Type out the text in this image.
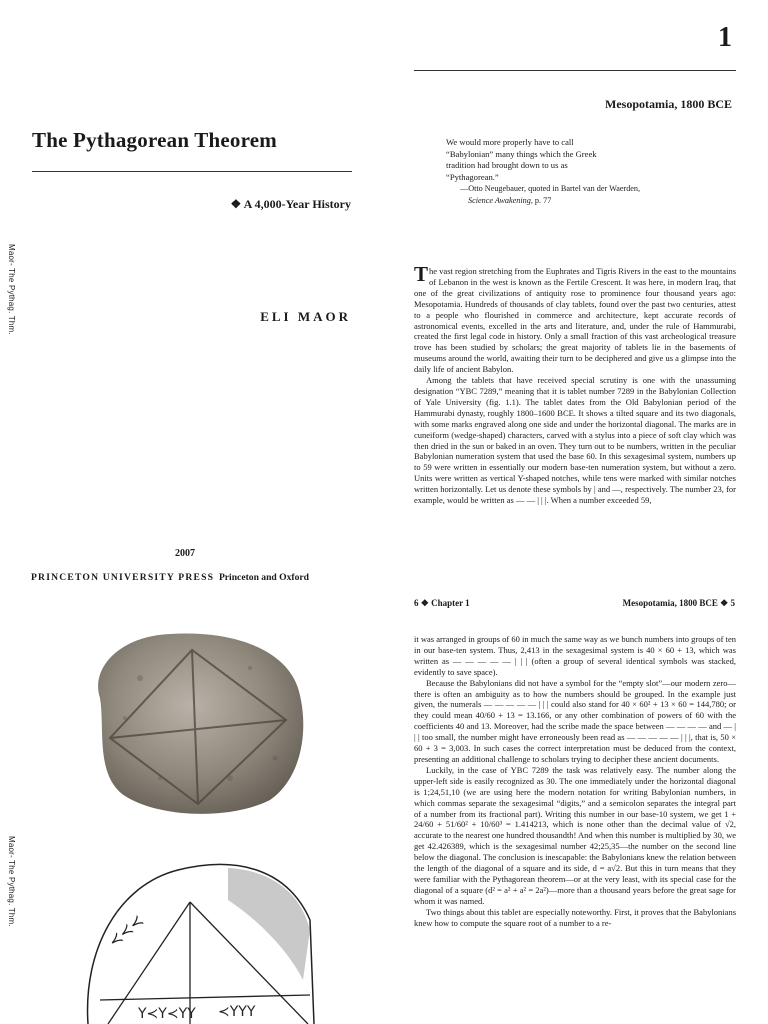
Maor- The Pythag. Thm.
Maor- The Pythag. Thm.
The Pythagorean Theorem
❖ A 4,000-Year History
ELI MAOR
1
Mesopotamia, 1800 BCE
We would more properly have to call
“Babylonian” many things which the Greek
tradition had brought down to us as
“Pythagorean.”
—Otto Neugebauer, quoted in Bartel van der Waerden,
Science Awakening, p. 77

The vast region stretching from the Euphrates and Tigris Rivers in the east to the mountains of Lebanon in the west is known as the Fertile Crescent. It was here, in modern Iraq, that one of the great civilizations of antiquity rose to prominence four thousand years ago: Mesopotamia. Hundreds of thousands of clay tablets, found over the past two centuries, attest to a people who flourished in commerce and architecture, kept accurate records of astronomical events, excelled in the arts and literature, and, under the rule of Hammurabi, created the first legal code in history. Only a small fraction of this vast archeological treasure trove has been studied by scholars; the great majority of tablets lie in the basements of museums around the world, awaiting their turn to be deciphered and give us a glimpse into the daily life of ancient Babylon.

Among the tablets that have received special scrutiny is one with the unassuming designation “YBC 7289,” meaning that it is tablet number 7289 in the Babylonian Collection of Yale University (fig. 1.1). The tablet dates from the Old Babylonian period of the Hammurabi dynasty, roughly 1800–1600 BCE. It shows a tilted square and its two diagonals, with some marks engraved along one side and under the horizontal diagonal. The marks are in cuneiform (wedge-shaped) characters, carved with a stylus into a piece of soft clay which was then dried in the sun or baked in an oven. They turn out to be numbers, written in the peculiar Babylonian numeration system that used the base 60. In this sexagesimal system, numbers up to 59 were written in essentially our modern base-ten numeration system, but without a zero. Units were written as vertical Y-shaped notches, while tens were marked with similar notches written horizontally. Let us denote these symbols by | and —, respectively. The number 23, for example, would be written as — — | | |. When a number exceeded 59,

2007
PRINCETON UNIVERSITY PRESS Princeton and Oxford
Mesopotamia, 1800 BCE ❖ 5
≺≺≺
Y≺Y≺YY ≺YYY
6 ❖ Chapter 1

it was arranged in groups of 60 in much the same way as we bunch numbers into groups of ten in our base-ten system. Thus, 2,413 in the sexagesimal system is 40 × 60 + 13, which was written as — — — — — | | | (often a group of several identical symbols was stacked, evidently to save space).

Because the Babylonians did not have a symbol for the “empty slot”—our modern zero—there is often an ambiguity as to how the numbers should be grouped. In the example just given, the numerals — — — — — | | | could also stand for 40 × 60² + 13 × 60 = 144,780; or they could mean 40/60 + 13 = 13.166, or any other combination of powers of 60 with the coefficients 40 and 13. Moreover, had the scribe made the space between — — — — and — | | | too small, the number might have erroneously been read as — — — — — | | |, that is, 50 × 60 + 3 = 3,003. In such cases the correct interpretation must be deduced from the context, presenting an additional challenge to scholars trying to decipher these ancient documents.

Luckily, in the case of YBC 7289 the task was relatively easy. The number along the upper-left side is easily recognized as 30. The one immediately under the horizontal diagonal is 1;24,51,10 (we are using here the modern notation for writing Babylonian numbers, in which commas separate the sexagesimal “digits,” and a semicolon separates the integral part of a number from its fractional part). Writing this number in our base-10 system, we get 1 + 24/60 + 51/60² + 10/60³ = 1.414213, which is none other than the decimal value of √2, accurate to the nearest one hundred thousandth! And when this number is multiplied by 30, we get 42.426389, which is the sexagesimal number 42;25,35—the number on the second line below the diagonal. The conclusion is inescapable: the Babylonians knew the relation between the length of the diagonal of a square and its side, d = a√2. But this in turn means that they were familiar with the Pythagorean theorem—or at the very least, with its special case for the diagonal of a square (d² = a² + a² = 2a²)—more than a thousand years before the great sage for whom it was named.

Two things about this tablet are especially noteworthy. First, it proves that the Babylonians knew how to compute the square root of a number to a re-
